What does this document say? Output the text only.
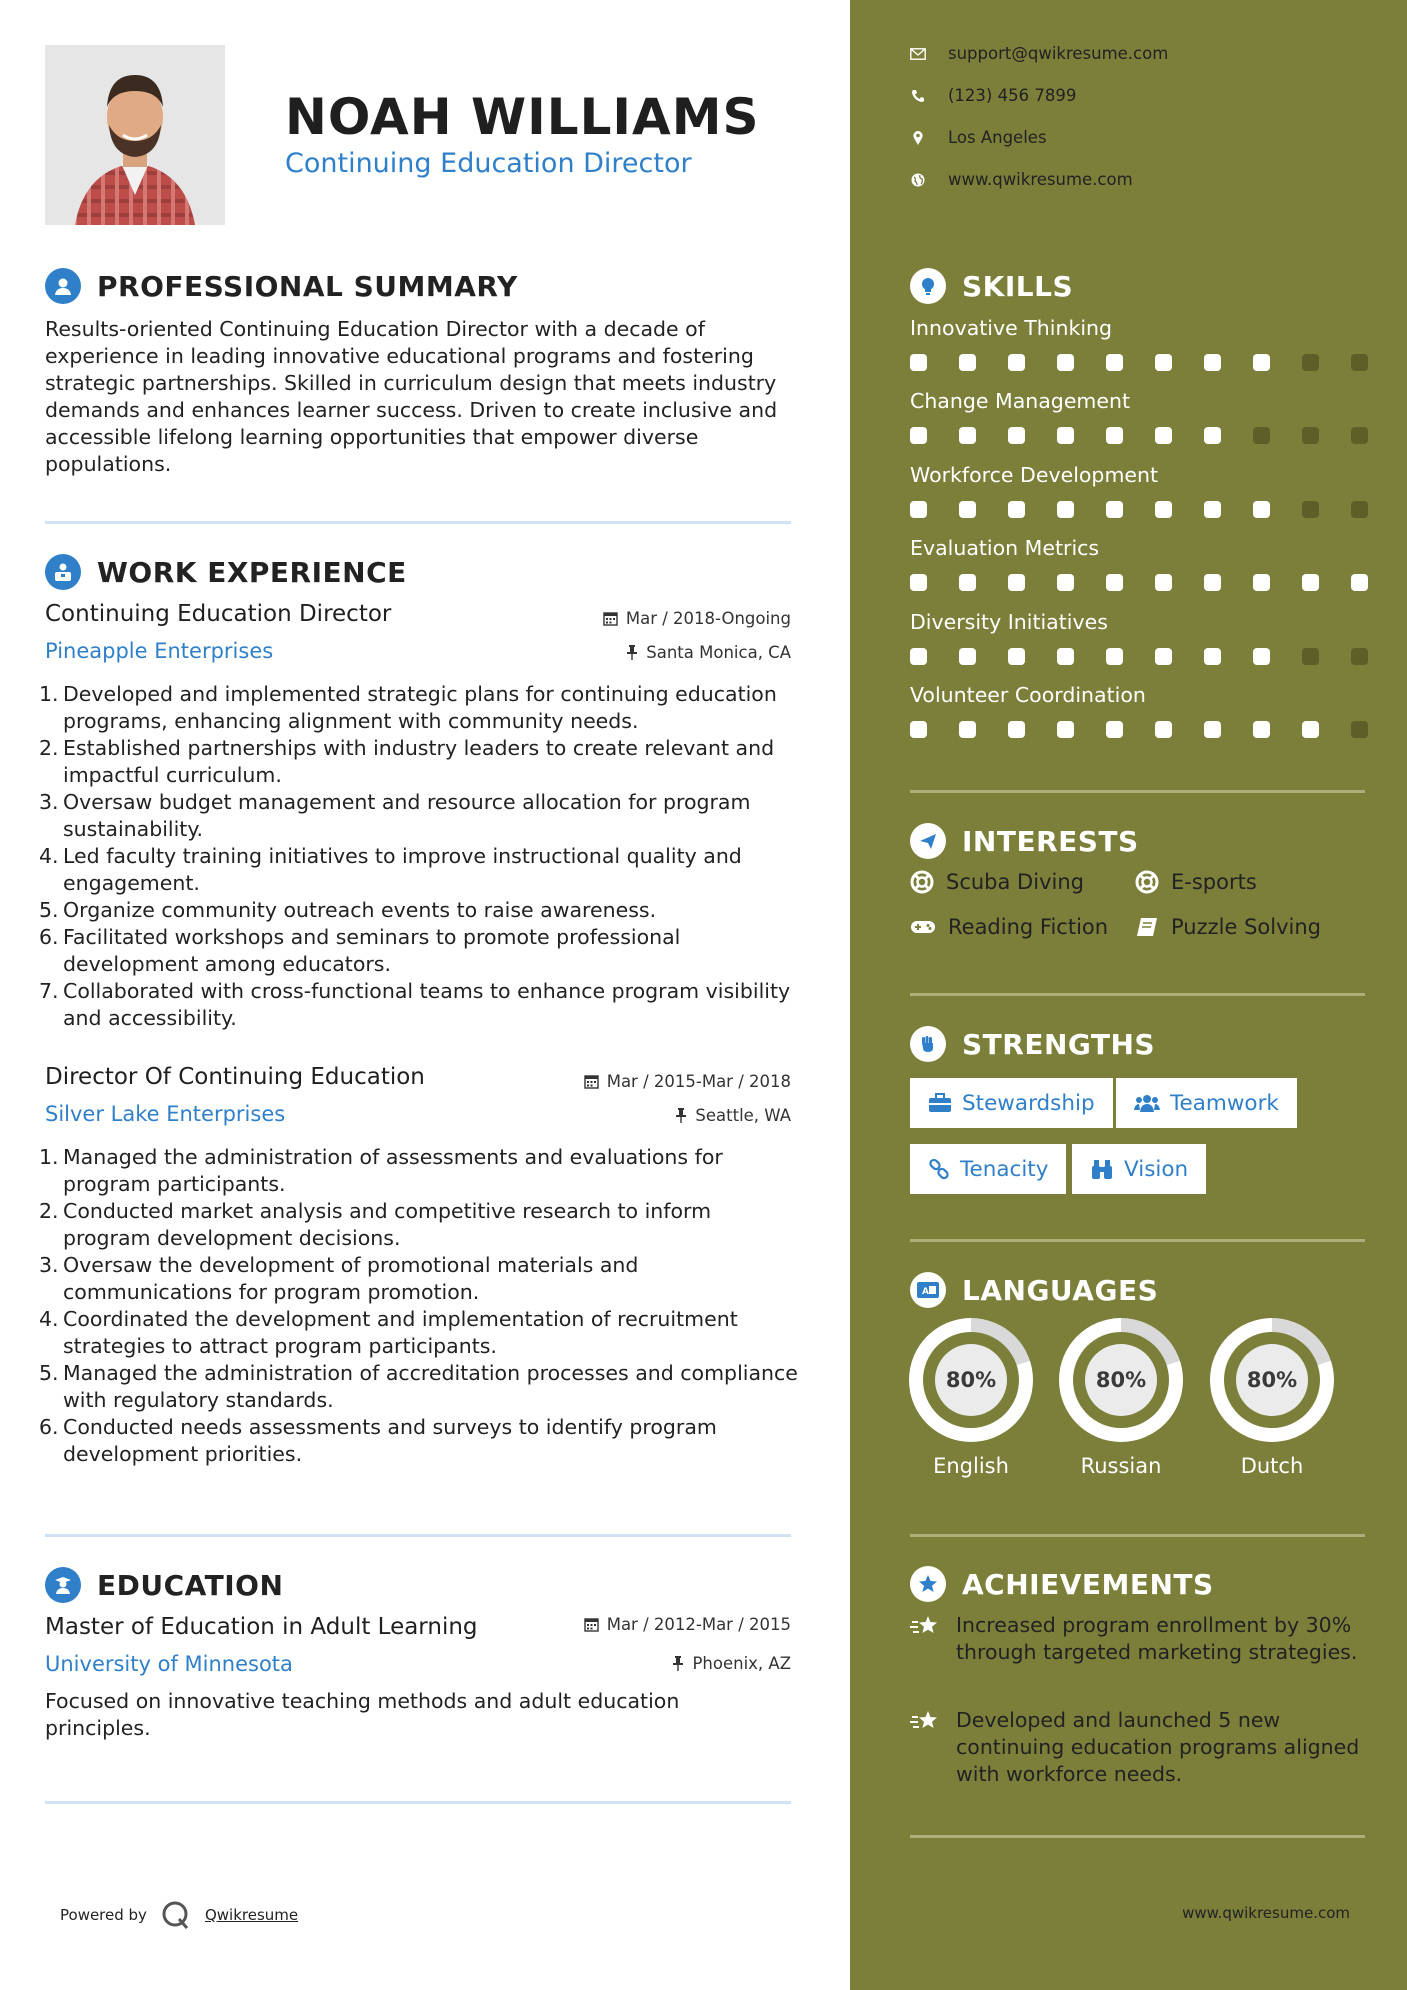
NOAH WILLIAMS
Continuing Education Director
PROFESSIONAL SUMMARY
Results-oriented Continuing Education Director with a decade of experience in leading innovative educational programs and fostering strategic partnerships. Skilled in curriculum design that meets industry demands and enhances learner success. Driven to create inclusive and accessible lifelong learning opportunities that empower diverse populations.
WORK EXPERIENCE
Continuing Education Director	Mar / 2018-Ongoing
Pineapple Enterprises	Santa Monica, CA
1. Developed and implemented strategic plans for continuing education programs, enhancing alignment with community needs.
2. Established partnerships with industry leaders to create relevant and impactful curriculum.
3. Oversaw budget management and resource allocation for program sustainability.
4. Led faculty training initiatives to improve instructional quality and engagement.
5. Organize community outreach events to raise awareness.
6. Facilitated workshops and seminars to promote professional development among educators.
7. Collaborated with cross-functional teams to enhance program visibility and accessibility.
Director Of Continuing Education	Mar / 2015-Mar / 2018
Silver Lake Enterprises	Seattle, WA
1. Managed the administration of assessments and evaluations for program participants.
2. Conducted market analysis and competitive research to inform program development decisions.
3. Oversaw the development of promotional materials and communications for program promotion.
4. Coordinated the development and implementation of recruitment strategies to attract program participants.
5. Managed the administration of accreditation processes and compliance with regulatory standards.
6. Conducted needs assessments and surveys to identify program development priorities.
EDUCATION
Master of Education in Adult Learning	Mar / 2012-Mar / 2015
University of Minnesota	Phoenix, AZ
Focused on innovative teaching methods and adult education principles.
Powered by	Qwikresume
support@qwikresume.com
(123) 456 7899
Los Angeles
www.qwikresume.com
SKILLS
Innovative Thinking
Change Management
Workforce Development
Evaluation Metrics
Diversity Initiatives
Volunteer Coordination
INTERESTS
Scuba Diving	E-sports
Reading Fiction	Puzzle Solving
STRENGTHS
Stewardship	Teamwork
Tenacity	Vision
A LANGUAGES
80%
English
80%
Russian
80%
Dutch
ACHIEVEMENTS
Increased program enrollment by 30% through targeted marketing strategies.
Developed and launched 5 new continuing education programs aligned with workforce needs.
www.qwikresume.com
